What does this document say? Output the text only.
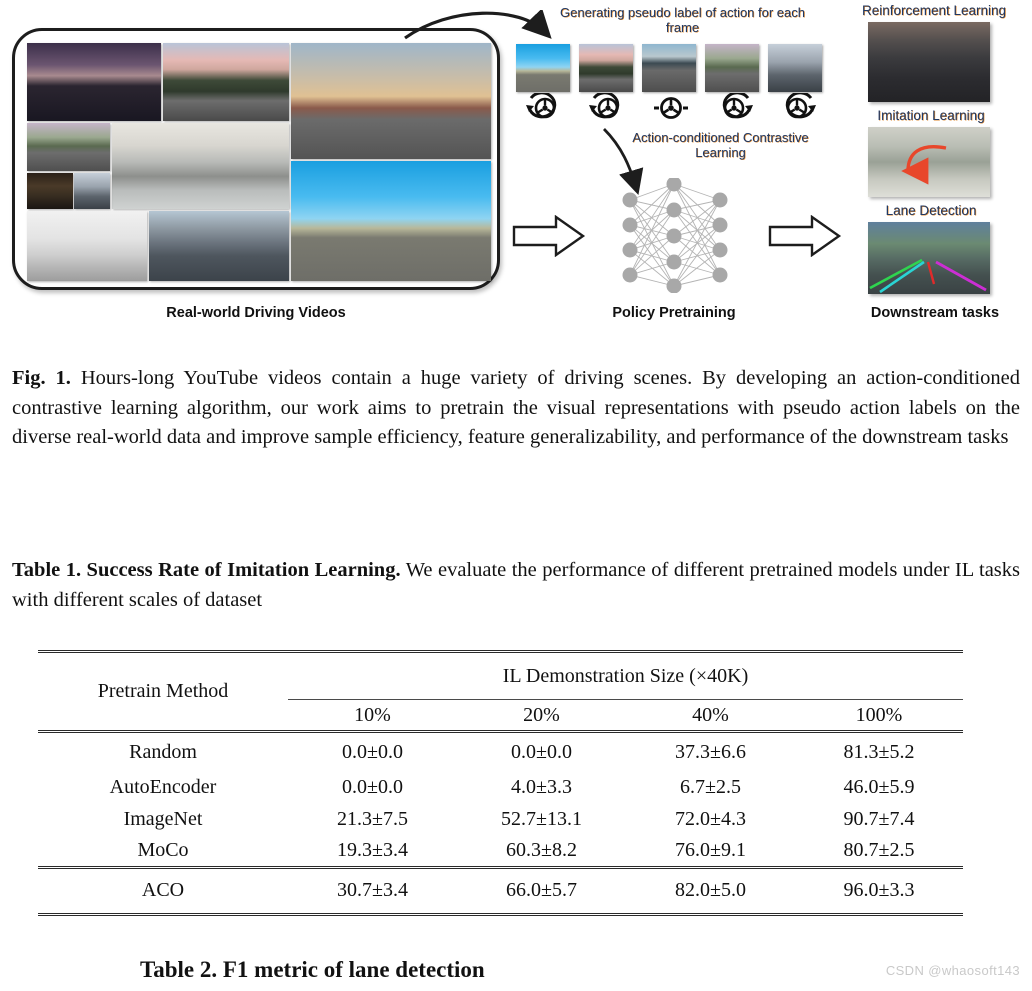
Generating pseudo label of action for each frame
Action-conditioned Contrastive Learning
Reinforcement Learning
Imitation Learning
Lane Detection
Real-world Driving Videos	Policy Pretraining	Downstream tasks
Fig. 1. Hours-long YouTube videos contain a huge variety of driving scenes. By developing an action-conditioned contrastive learning algorithm, our work aims to pretrain the visual representations with pseudo action labels on the diverse real-world data and improve sample efficiency, feature generalizability, and performance of the downstream tasks
Table 1. Success Rate of Imitation Learning. We evaluate the performance of different pretrained models under IL tasks with different scales of dataset
Pretrain Method	IL Demonstration Size (×40K)			
	10%	20%	40%	100%
Random	0.0±0.0	0.0±0.0	37.3±6.6	81.3±5.2
AutoEncoder	0.0±0.0	4.0±3.3	6.7±2.5	46.0±5.9
ImageNet	21.3±7.5	52.7±13.1	72.0±4.3	90.7±7.4
MoCo	19.3±3.4	60.3±8.2	76.0±9.1	80.7±2.5
ACO	30.7±3.4	66.0±5.7	82.0±5.0	96.0±3.3
Table 2. F1 metric of lane detection	CSDN @whaosoft143
